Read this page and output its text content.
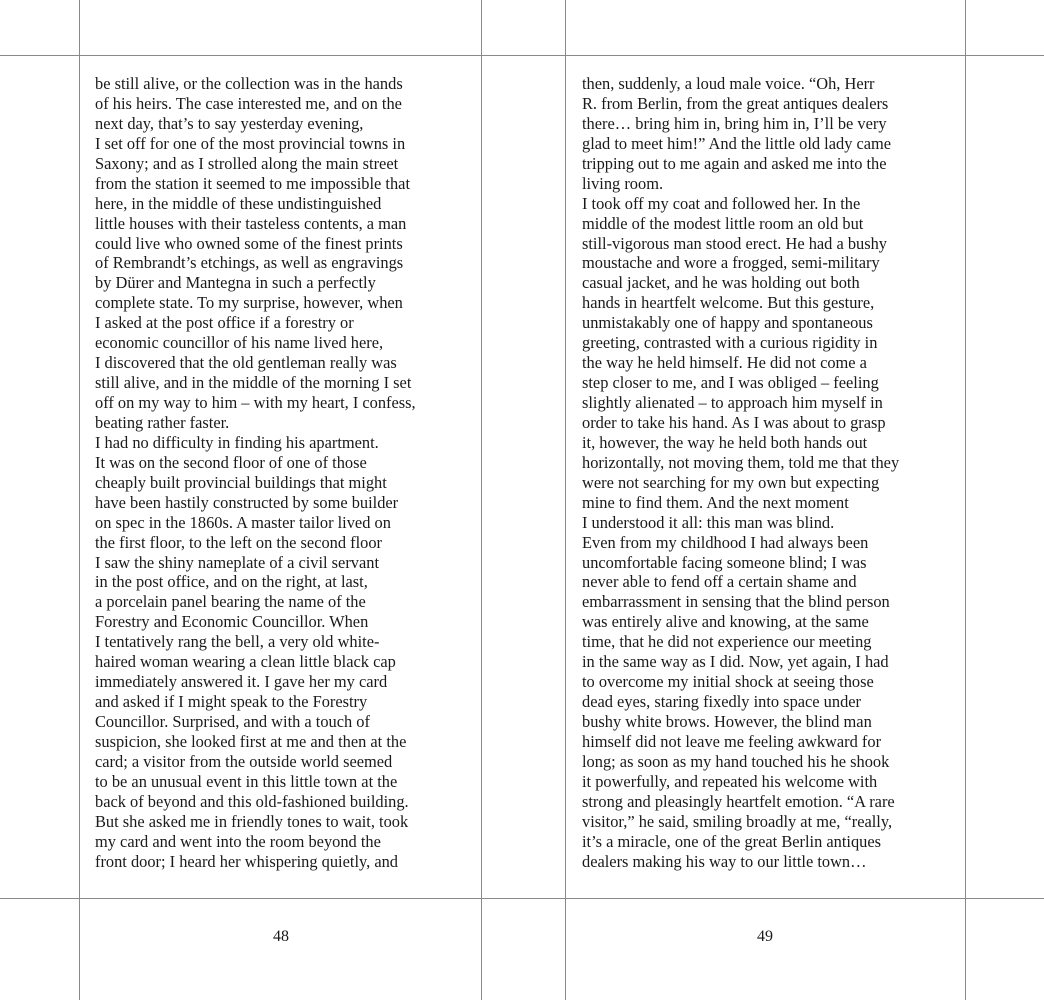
be still alive, or the collection was in the hands
of his heirs. The case interested me, and on the
next day, that’s to say yesterday evening,
I set off for one of the most provincial towns in
Saxony; and as I strolled along the main street
from the station it seemed to me impossible that
here, in the middle of these undistinguished
little houses with their tasteless contents, a man
could live who owned some of the finest prints
of Rembrandt’s etchings, as well as engravings
by Dürer and Mantegna in such a perfectly
complete state. To my surprise, however, when
I asked at the post office if a forestry or
economic councillor of his name lived here,
I discovered that the old gentleman really was
still alive, and in the middle of the morning I set
off on my way to him – with my heart, I confess,
beating rather faster.
I had no difficulty in finding his apartment.
It was on the second floor of one of those
cheaply built provincial buildings that might
have been hastily constructed by some builder
on spec in the 1860s. A master tailor lived on
the first floor, to the left on the second floor
I saw the shiny nameplate of a civil servant
in the post office, and on the right, at last,
a porcelain panel bearing the name of the
Forestry and Economic Councillor. When
I tentatively rang the bell, a very old white-
haired woman wearing a clean little black cap
immediately answered it. I gave her my card
and asked if I might speak to the Forestry
Councillor. Surprised, and with a touch of
suspicion, she looked first at me and then at the
card; a visitor from the outside world seemed
to be an unusual event in this little town at the
back of beyond and this old-fashioned building.
But she asked me in friendly tones to wait, took
my card and went into the room beyond the
front door; I heard her whispering quietly, and
then, suddenly, a loud male voice. “Oh, Herr
R. from Berlin, from the great antiques dealers
there… bring him in, bring him in, I’ll be very
glad to meet him!” And the little old lady came
tripping out to me again and asked me into the
living room.
I took off my coat and followed her. In the
middle of the modest little room an old but
still-vigorous man stood erect. He had a bushy
moustache and wore a frogged, semi-military
casual jacket, and he was holding out both
hands in heartfelt welcome. But this gesture,
unmistakably one of happy and spontaneous
greeting, contrasted with a curious rigidity in
the way he held himself. He did not come a
step closer to me, and I was obliged – feeling
slightly alienated – to approach him myself in
order to take his hand. As I was about to grasp
it, however, the way he held both hands out
horizontally, not moving them, told me that they
were not searching for my own but expecting
mine to find them. And the next moment
I understood it all: this man was blind.
Even from my childhood I had always been
uncomfortable facing someone blind; I was
never able to fend off a certain shame and
embarrassment in sensing that the blind person
was entirely alive and knowing, at the same
time, that he did not experience our meeting
in the same way as I did. Now, yet again, I had
to overcome my initial shock at seeing those
dead eyes, staring fixedly into space under
bushy white brows. However, the blind man
himself did not leave me feeling awkward for
long; as soon as my hand touched his he shook
it powerfully, and repeated his welcome with
strong and pleasingly heartfelt emotion. “A rare
visitor,” he said, smiling broadly at me, “really,
it’s a miracle, one of the great Berlin antiques
dealers making his way to our little town…
48	49
